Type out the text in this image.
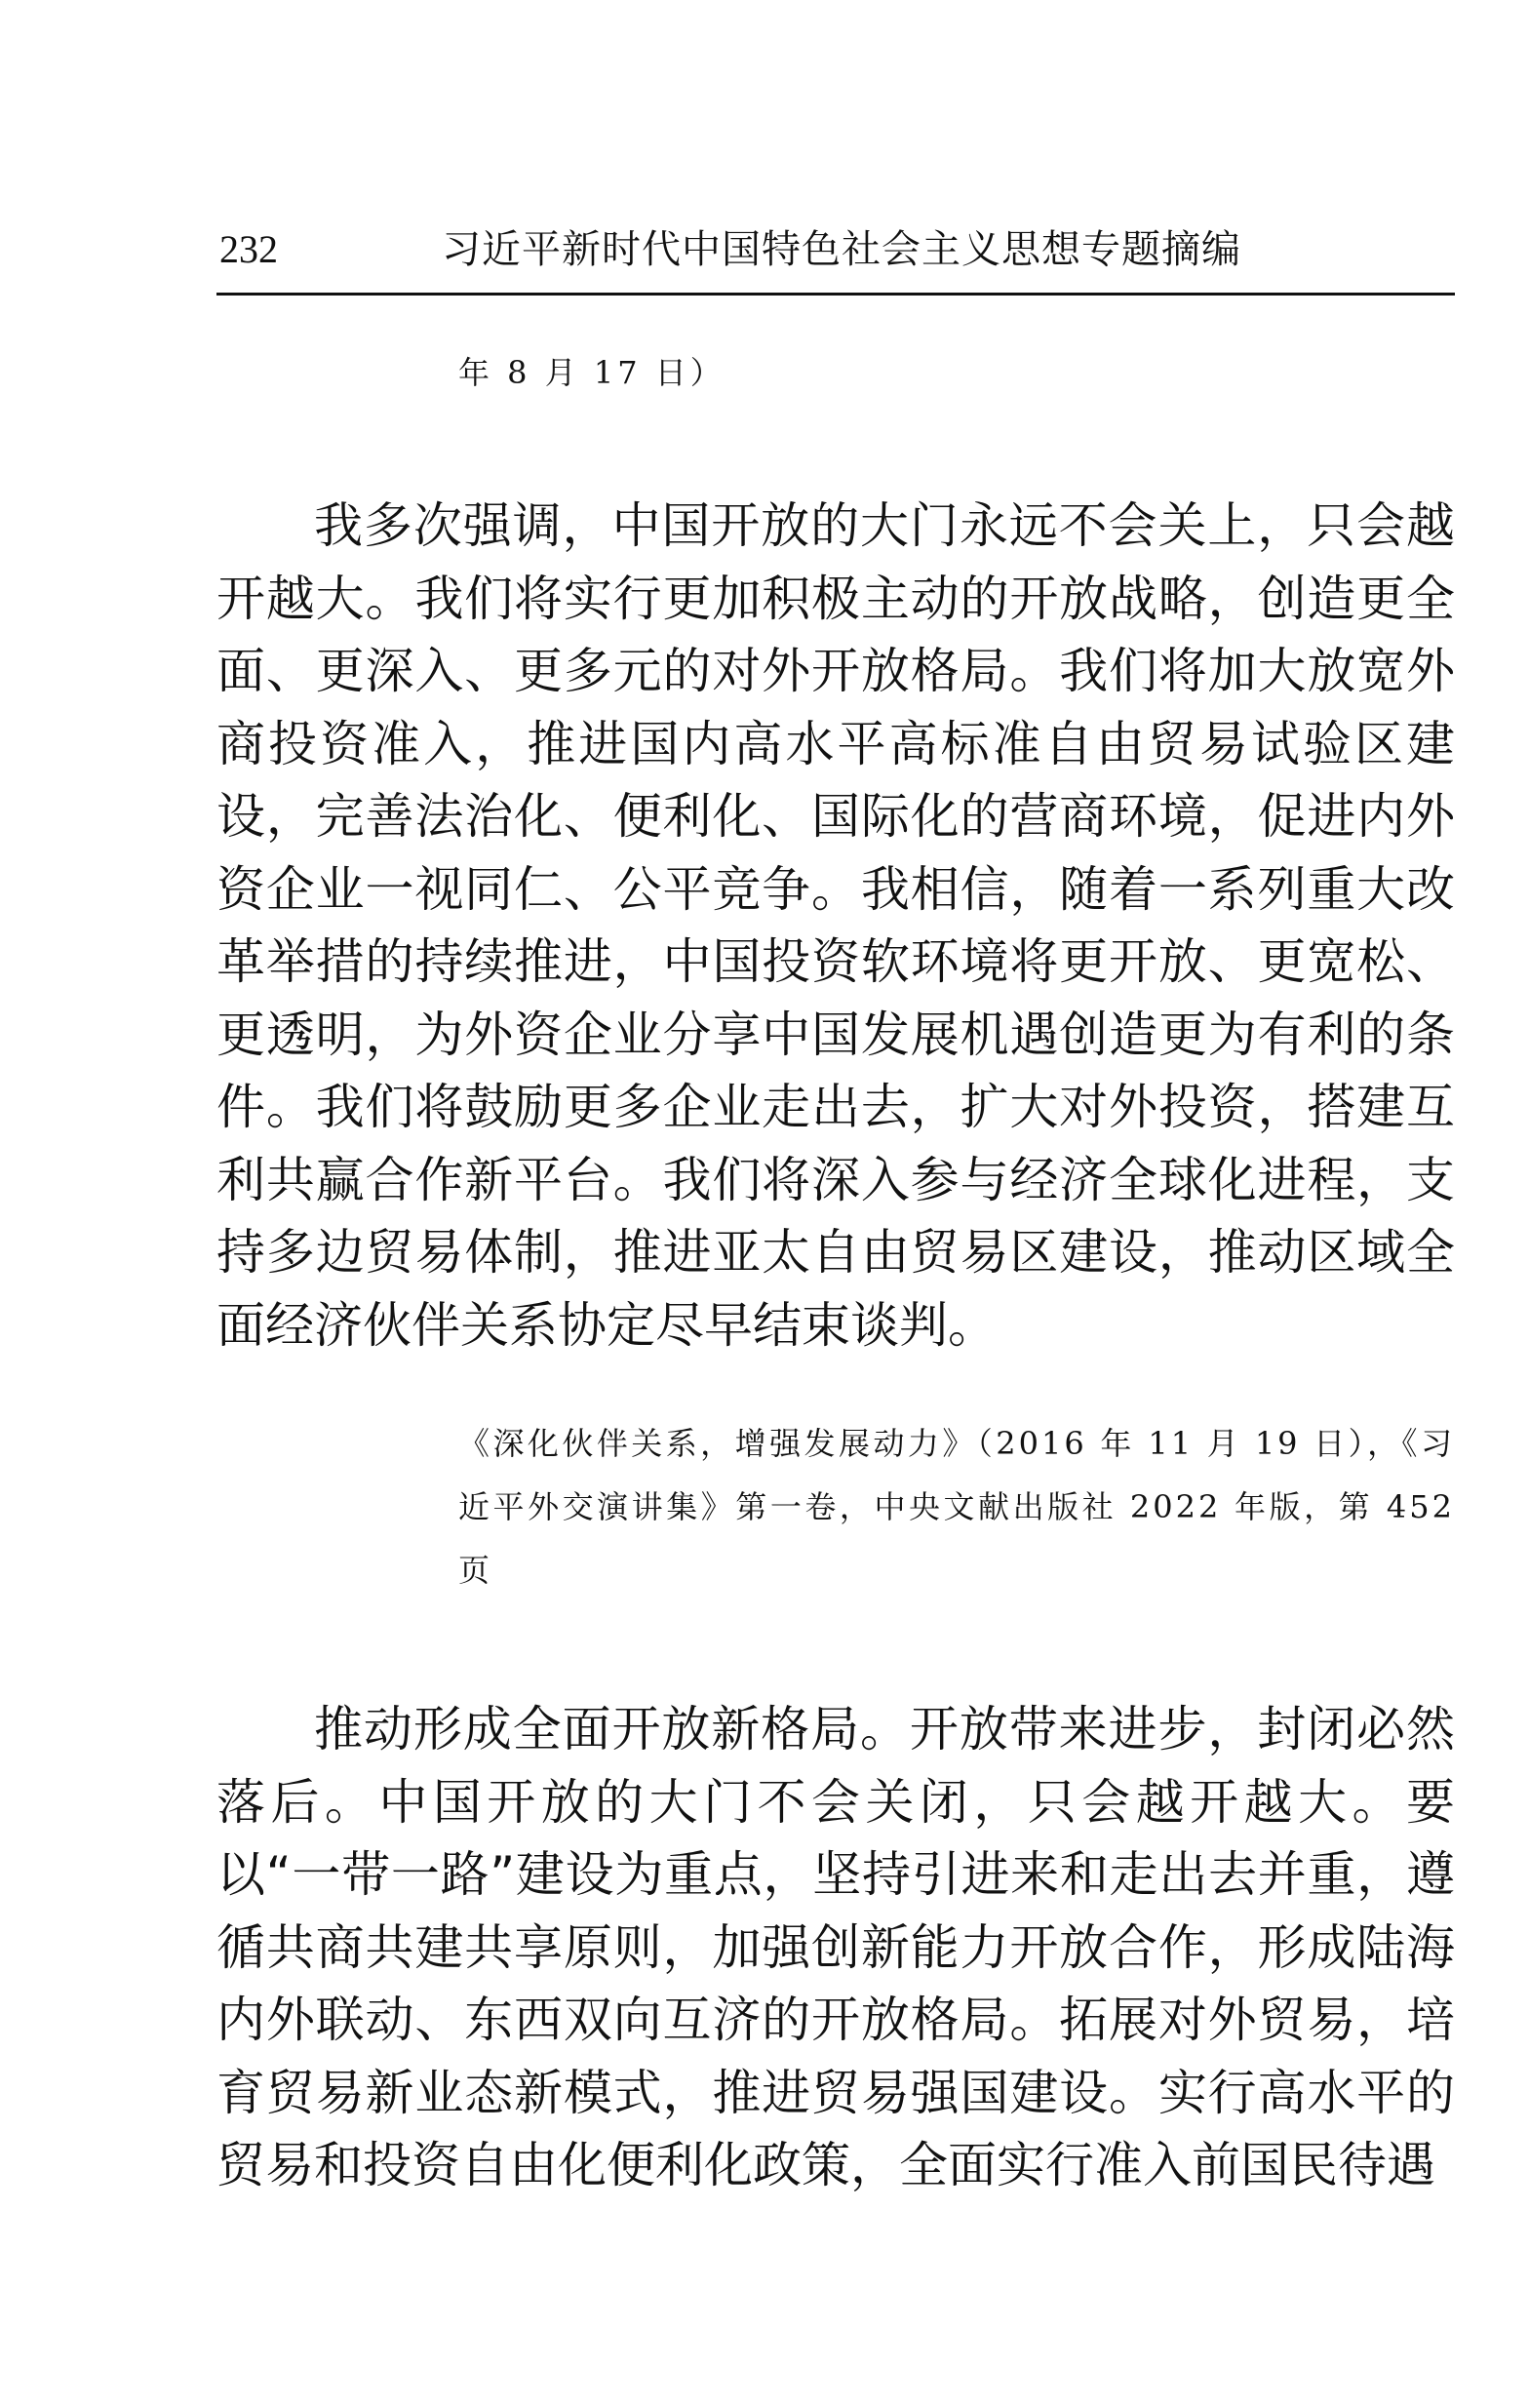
232	习近平新时代中国特色社会主义思想专题摘编
年 8 月 17 日）

我多次强调，中国开放的大门永远不会关上，只会越开越大。我们将实行更加积极主动的开放战略，创造更全面、更深入、更多元的对外开放格局。我们将加大放宽外商投资准入，推进国内高水平高标准自由贸易试验区建设，完善法治化、便利化、国际化的营商环境，促进内外资企业一视同仁、公平竞争。我相信，随着一系列重大改革举措的持续推进，中国投资软环境将更开放、更宽松、更透明，为外资企业分享中国发展机遇创造更为有利的条件。我们将鼓励更多企业走出去，扩大对外投资，搭建互利共赢合作新平台。我们将深入参与经济全球化进程，支持多边贸易体制，推进亚太自由贸易区建设，推动区域全面经济伙伴关系协定尽早结束谈判。

《深化伙伴关系，增强发展动力》（2016 年 11 月 19 日），《习近平外交演讲集》第一卷，中央文献出版社 2022 年版，第 452 页

推动形成全面开放新格局。开放带来进步，封闭必然落后。中国开放的大门不会关闭，只会越开越大。要以“一带一路”建设为重点，坚持引进来和走出去并重，遵循共商共建共享原则，加强创新能力开放合作，形成陆海内外联动、东西双向互济的开放格局。拓展对外贸易，培育贸易新业态新模式，推进贸易强国建设。实行高水平的贸易和投资自由化便利化政策，全面实行准入前国民待遇
